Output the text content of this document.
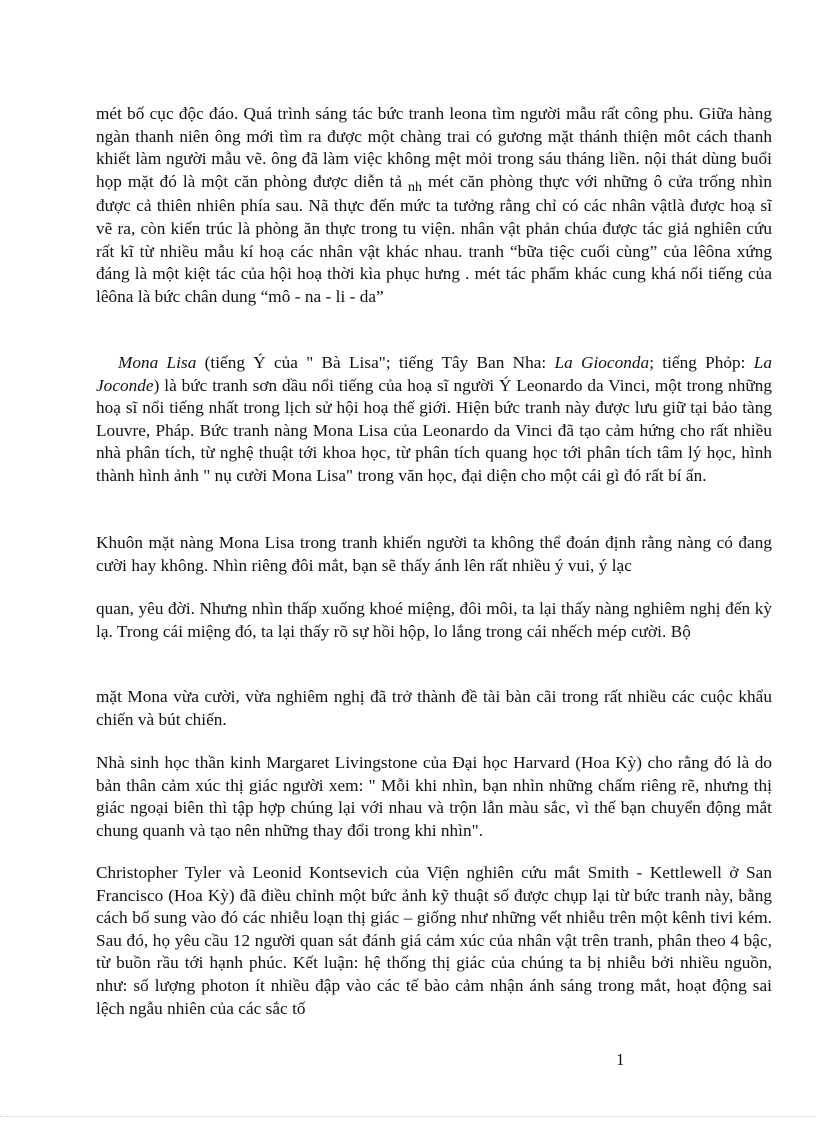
mét bố cục độc đáo. Quá trình sáng tác bức tranh leona tìm người mẫu rất công phu. Giữa hàng ngàn thanh niên ông mới tìm ra được một chàng trai có gương mặt thánh thiện môt cách thanh khiết làm người mẫu vẽ. ông đã làm việc không mệt mỏi trong sáu tháng liền. nội thát dùng buổi họp mặt đó là một căn phòng được diễn tả $_{nh}$ mét căn phòng thực với những ô cửa trống nhìn được cả thiên nhiên phía sau. Nã thực đến mức ta tưởng rằng chỉ có các nhân vậtlà được hoạ sĩ vẽ ra, còn kiến trúc là phòng ăn thực trong tu viện. nhân vật phản chúa được tác giả nghiên cứu rất kĩ từ nhiều mẫu kí hoạ các nhân vật khác nhau. tranh “bữa tiệc cuối cùng” của lêôna xứng đáng là một kiệt tác của hội hoạ thời kìa phục hưng . mét tác phẩm khác cung khá nổi tiếng của lêôna là bức chân dung “mô - na - li - da”

Mona Lisa (tiếng Ý của " Bà Lisa"; tiếng Tây Ban Nha: La Gioconda; tiếng Phỏp: La Joconde) là bức tranh sơn dầu nổi tiếng của hoạ sĩ người Ý Leonardo da Vinci, một trong những hoạ sĩ nổi tiếng nhất trong lịch sử hội hoạ thế giới. Hiện bức tranh này được lưu giữ tại bảo tàng Louvre, Pháp. Bức tranh nàng Mona Lisa của Leonardo da Vinci đã tạo cảm hứng cho rất nhiều nhà phân tích, từ nghệ thuật tới khoa học, từ phân tích quang học tới phân tích tâm lý học, hình thành hình ảnh " nụ cười Mona Lisa" trong văn học, đại diện cho một cái gì đó rất bí ẩn.

Khuôn mặt nàng Mona Lisa trong tranh khiến người ta không thể đoán định rằng nàng có đang cười hay không. Nhìn riêng đôi mắt, bạn sẽ thấy ánh lên rất nhiều ý vui, ý lạc

quan, yêu đời. Nhưng nhìn thấp xuống khoé miệng, đôi môi, ta lại thấy nàng nghiêm nghị đến kỳ lạ. Trong cái miệng đó, ta lại thấy rõ sự hồi hộp, lo lắng trong cái nhếch mép cười. Bộ

mặt Mona vừa cười, vừa nghiêm nghị đã trở thành đề tài bàn cãi trong rất nhiều các cuộc khẩu chiến và bút chiến.

Nhà sinh học thần kinh Margaret Livingstone của Đại học Harvard (Hoa Kỳ) cho rằng đó là do bản thân cảm xúc thị giác người xem: " Mỗi khi nhìn, bạn nhìn những chấm riêng rẽ, nhưng thị giác ngoại biên thì tập hợp chúng lại với nhau và trộn lẫn màu sắc, vì thế bạn chuyển động mắt chung quanh và tạo nên những thay đổi trong khi nhìn".

Christopher Tyler và Leonid Kontsevich của Viện nghiên cứu mắt Smith - Kettlewell ở San Francisco (Hoa Kỳ) đã điều chỉnh một bức ảnh kỹ thuật số được chụp lại từ bức tranh này, bằng cách bổ sung vào đó các nhiễu loạn thị giác – giống như những vết nhiễu trên một kênh tivi kém. Sau đó, họ yêu cầu 12 người quan sát đánh giá cảm xúc của nhân vật trên tranh, phân theo 4 bậc, từ buồn rầu tới hạnh phúc. Kết luận: hệ thống thị giác của chúng ta bị nhiễu bởi nhiều nguồn, như: số lượng photon ít nhiều đập vào các tế bào cảm nhận ánh sáng trong mắt, hoạt động sai lệch ngẫu nhiên của các sắc tố

1
